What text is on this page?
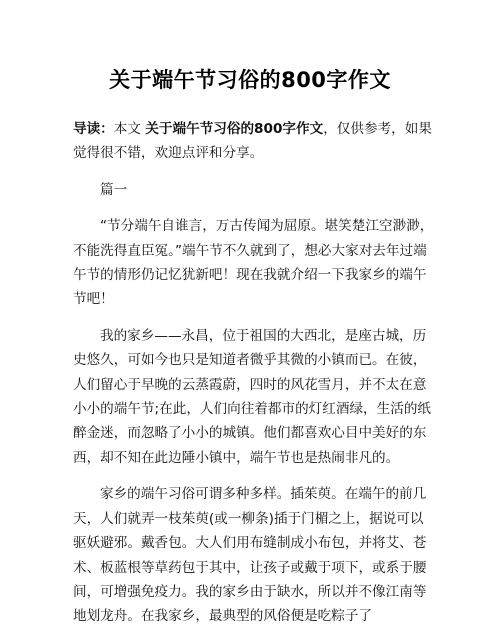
关于端午节习俗的800字作文

导读：本文 关于端午节习俗的800字作文，仅供参考，如果觉得很不错，欢迎点评和分享。

篇一

“节分端午自谁言，万古传闻为屈原。堪笑楚江空渺渺，不能洗得直臣冤。”端午节不久就到了，想必大家对去年过端午节的情形仍记忆犹新吧！现在我就介绍一下我家乡的端午节吧！

我的家乡——永昌，位于祖国的大西北，是座古城，历史悠久，可如今也只是知道者微乎其微的小镇而已。在彼，人们留心于早晚的云蒸霞蔚，四时的风花雪月，并不太在意小小的端午节;在此，人们向往着都市的灯红酒绿，生活的纸醉金迷，而忽略了小小的城镇。他们都喜欢心目中美好的东西，却不知在此边陲小镇中，端午节也是热闹非凡的。

家乡的端午习俗可谓多种多样。插茱萸。在端午的前几天，人们就弄一枝茱萸(或一柳条)插于门楣之上，据说可以驱妖避邪。戴香包。大人们用布缝制成小布包，并将艾、苍术、板蓝根等草药包于其中，让孩子或戴于项下，或系于腰间，可增强免疫力。我的家乡由于缺水，所以并不像江南等地划龙舟。在我家乡，最典型的风俗便是吃粽子了
